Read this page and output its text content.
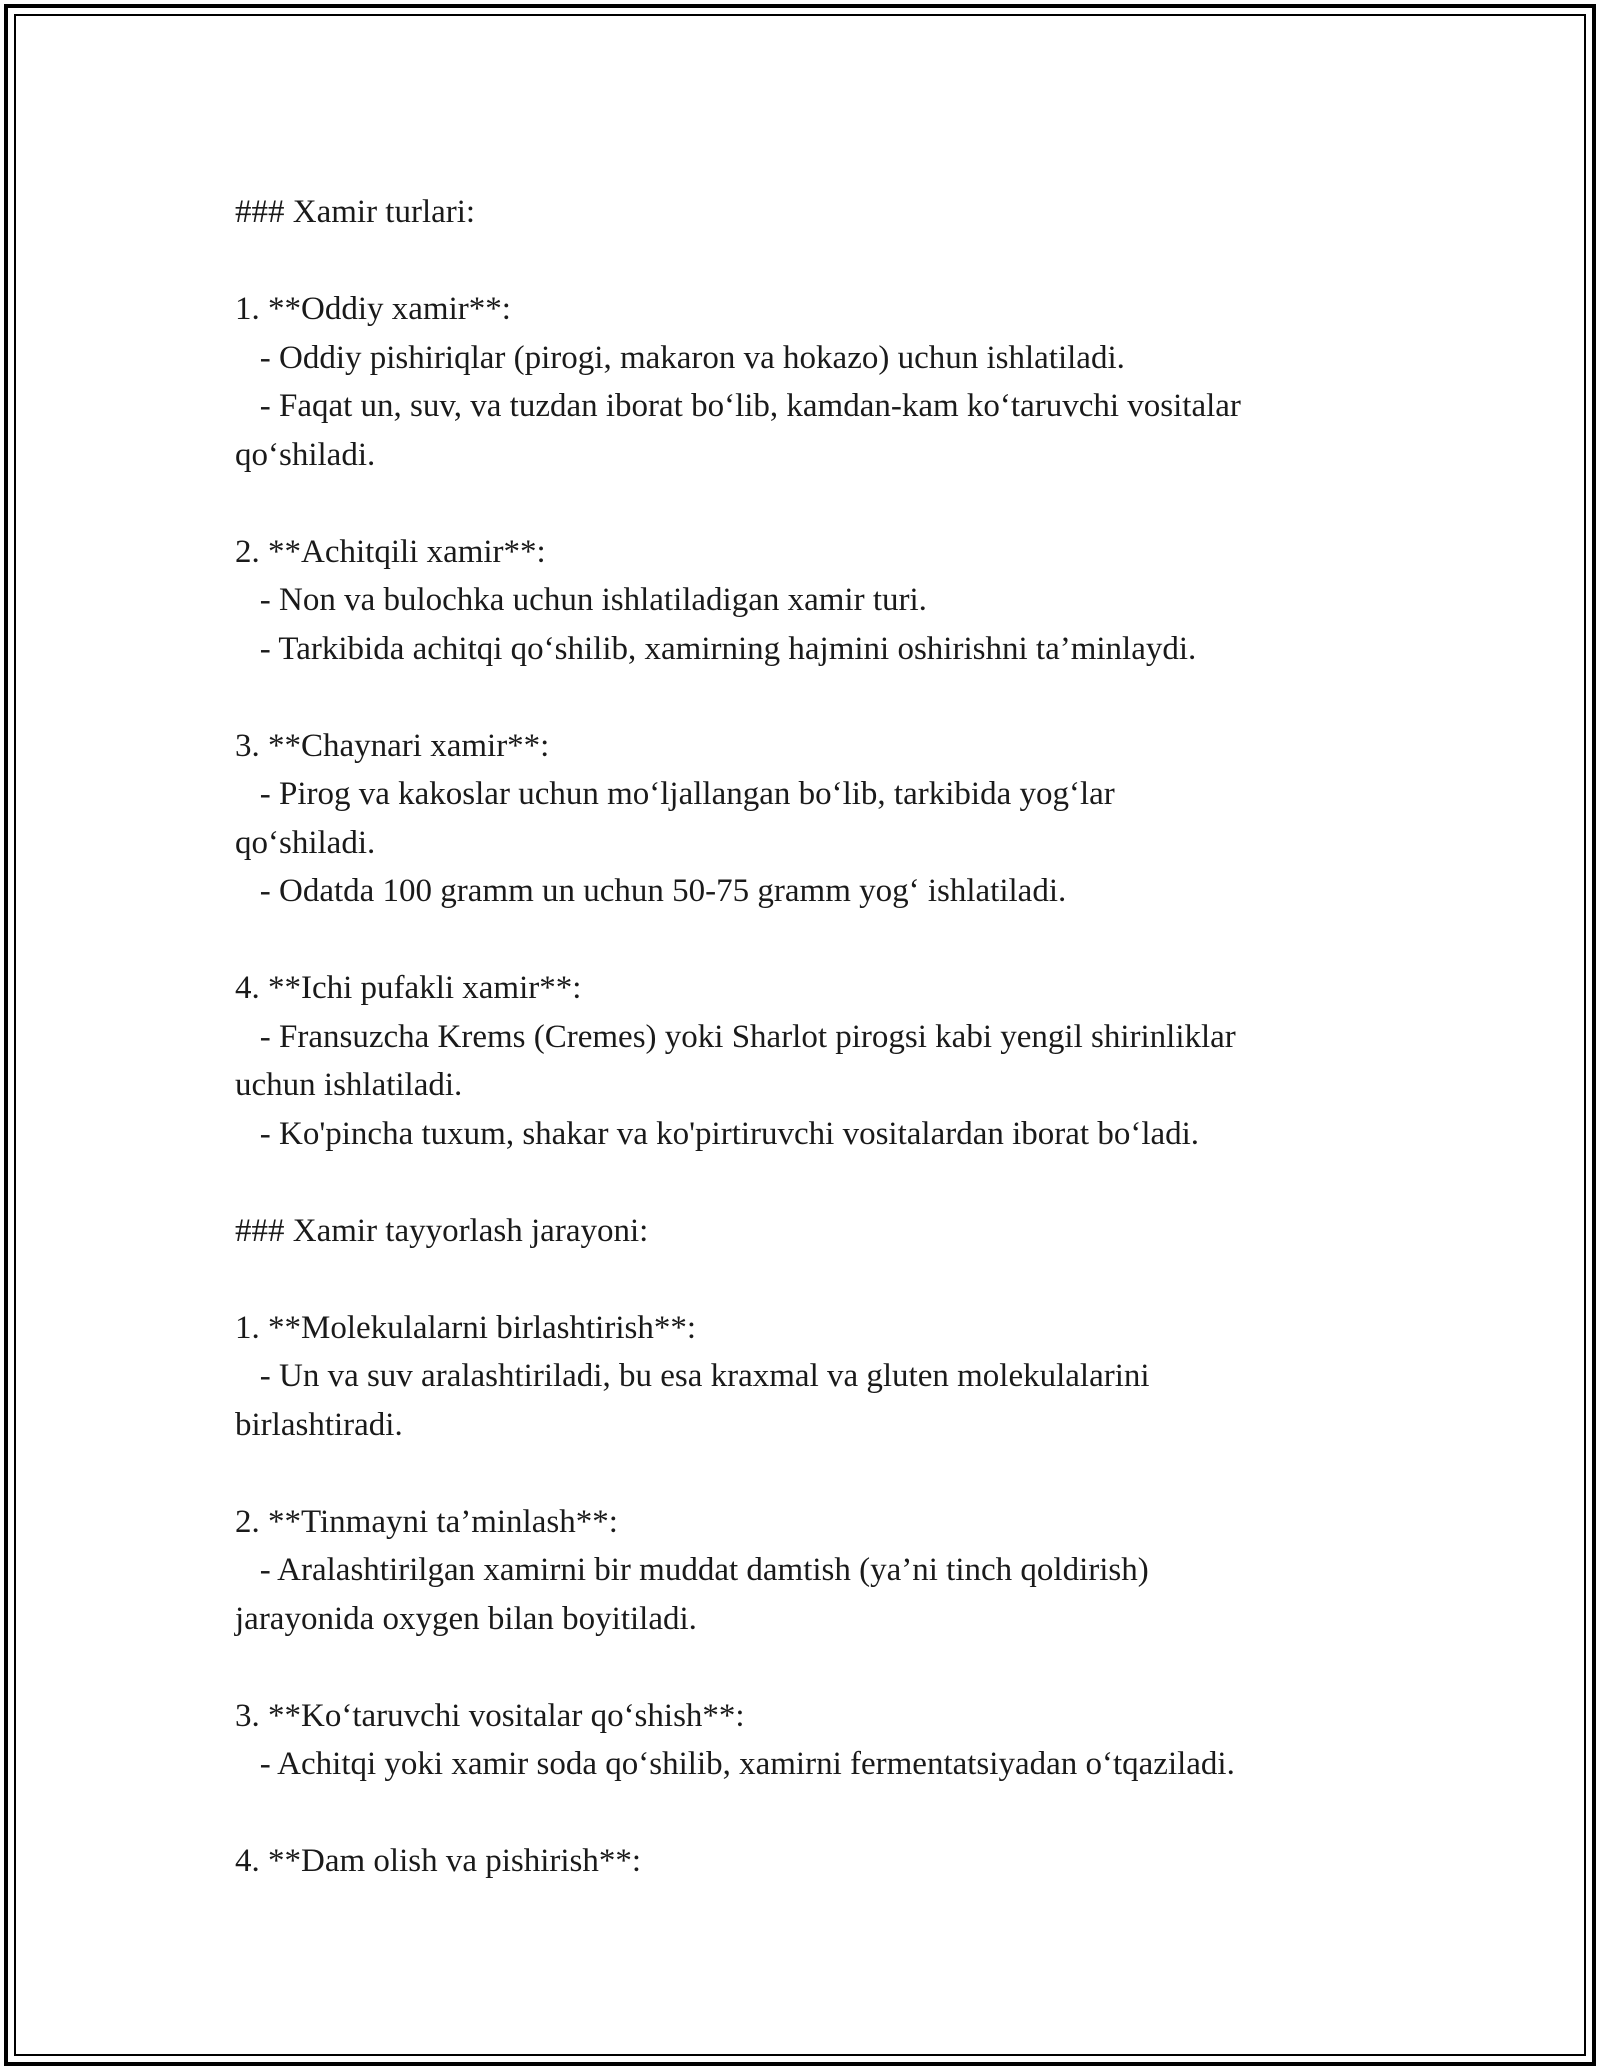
### Xamir turlari:
1. **Oddiy xamir**:
- Oddiy pishiriqlar (pirogi, makaron va hokazo) uchun ishlatiladi.
- Faqat un, suv, va tuzdan iborat bo‘lib, kamdan-kam ko‘taruvchi vositalar
qo‘shiladi.
2. **Achitqili xamir**:
- Non va bulochka uchun ishlatiladigan xamir turi.
- Tarkibida achitqi qo‘shilib, xamirning hajmini oshirishni ta’minlaydi.
3. **Chaynari xamir**:
- Pirog va kakoslar uchun mo‘ljallangan bo‘lib, tarkibida yog‘lar
qo‘shiladi.
- Odatda 100 gramm un uchun 50-75 gramm yog‘ ishlatiladi.
4. **Ichi pufakli xamir**:
- Fransuzcha Krems (Cremes) yoki Sharlot pirogsi kabi yengil shirinliklar
uchun ishlatiladi.
- Ko'pincha tuxum, shakar va ko'pirtiruvchi vositalardan iborat bo‘ladi.
### Xamir tayyorlash jarayoni:
1. **Molekulalarni birlashtirish**:
- Un va suv aralashtiriladi, bu esa kraxmal va gluten molekulalarini
birlashtiradi.
2. **Tinmayni ta’minlash**:
- Aralashtirilgan xamirni bir muddat damtish (ya’ni tinch qoldirish)
jarayonida oxygen bilan boyitiladi.
3. **Ko‘taruvchi vositalar qo‘shish**:
- Achitqi yoki xamir soda qo‘shilib, xamirni fermentatsiyadan o‘tqaziladi.
4. **Dam olish va pishirish**:
